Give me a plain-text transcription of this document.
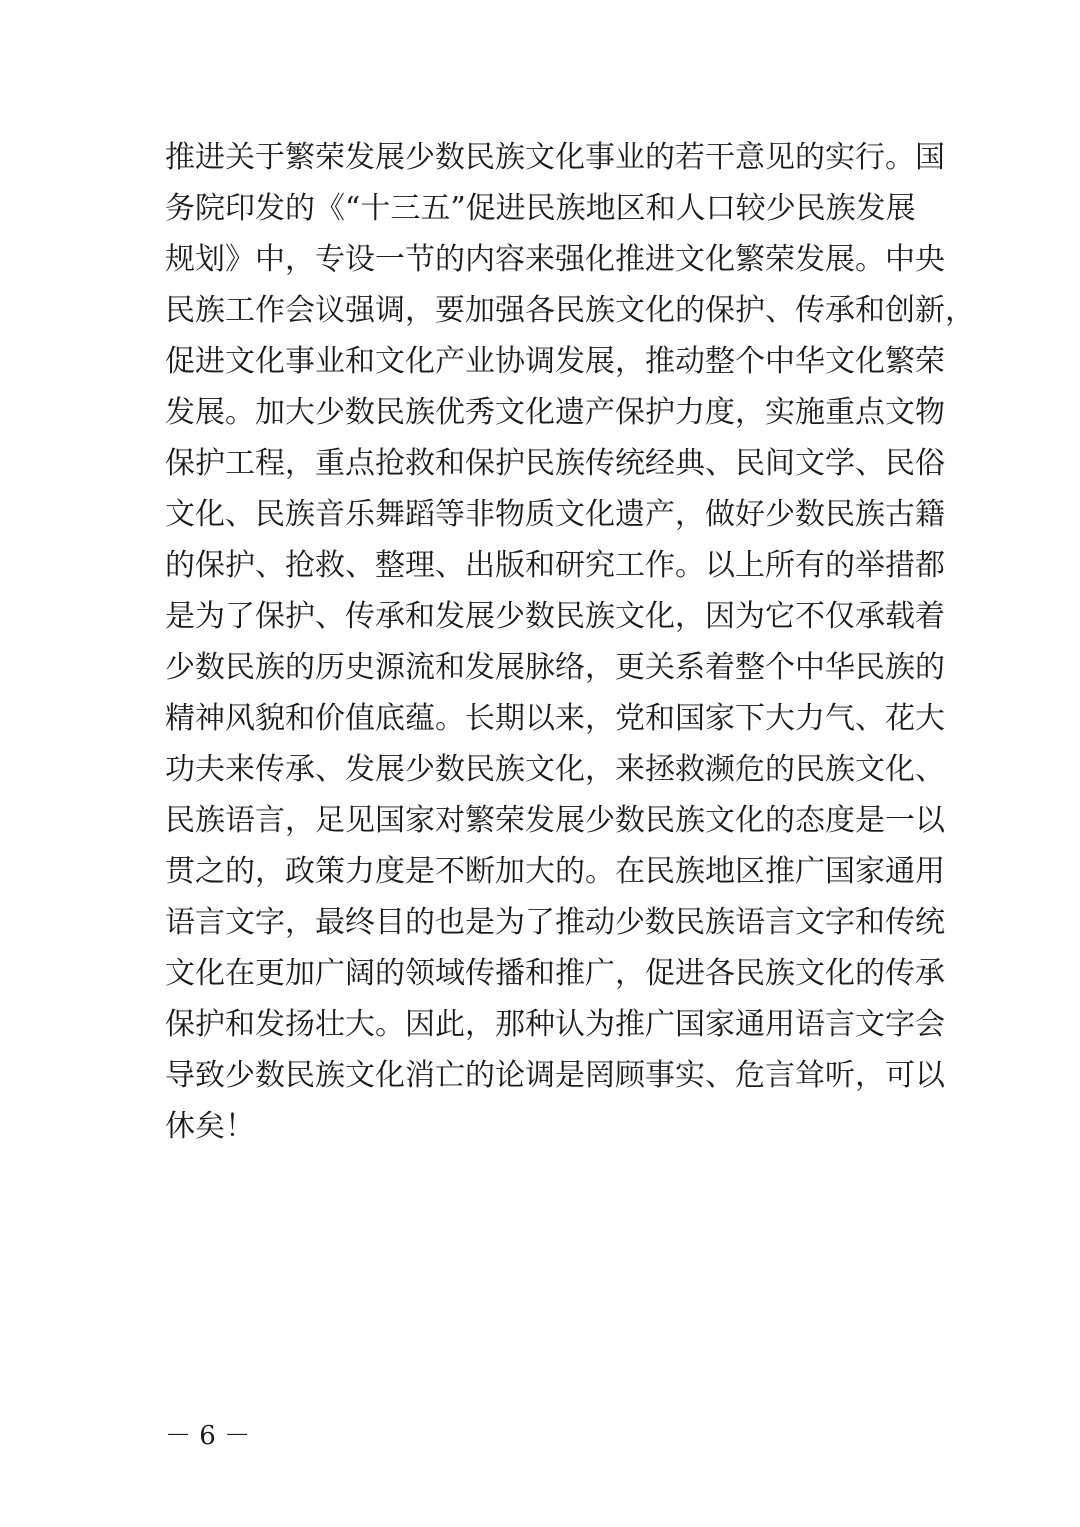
推进关于繁荣发展少数民族文化事业的若干意见的实行。国
务院印发的《“十三五”促进民族地区和人口较少民族发展
规划》中，专设一节的内容来强化推进文化繁荣发展。中央
民族工作会议强调，要加强各民族文化的保护、传承和创新，
促进文化事业和文化产业协调发展，推动整个中华文化繁荣
发展。加大少数民族优秀文化遗产保护力度，实施重点文物
保护工程，重点抢救和保护民族传统经典、民间文学、民俗
文化、民族音乐舞蹈等非物质文化遗产，做好少数民族古籍
的保护、抢救、整理、出版和研究工作。以上所有的举措都
是为了保护、传承和发展少数民族文化，因为它不仅承载着
少数民族的历史源流和发展脉络，更关系着整个中华民族的
精神风貌和价值底蕴。长期以来，党和国家下大力气、花大
功夫来传承、发展少数民族文化，来拯救濒危的民族文化、
民族语言，足见国家对繁荣发展少数民族文化的态度是一以
贯之的，政策力度是不断加大的。在民族地区推广国家通用
语言文字，最终目的也是为了推动少数民族语言文字和传统
文化在更加广阔的领域传播和推广，促进各民族文化的传承
保护和发扬壮大。因此，那种认为推广国家通用语言文字会
导致少数民族文化消亡的论调是罔顾事实、危言耸听，可以
休矣！
－ 6 －
